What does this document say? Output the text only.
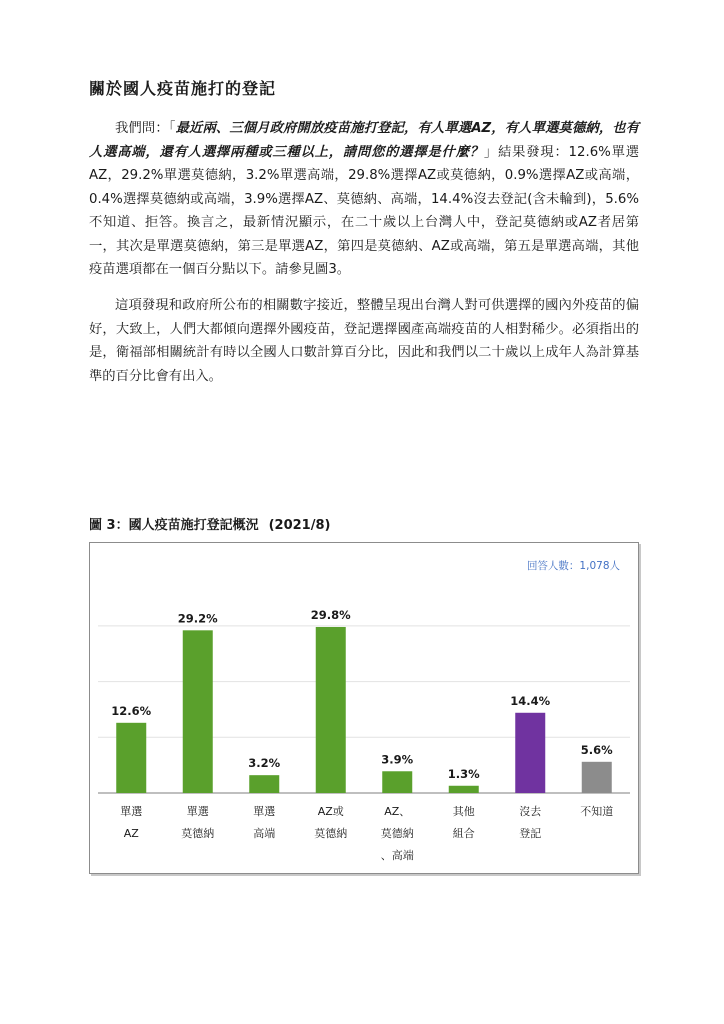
關於國人疫苗施打的登記
我們問：「最近兩、三個月政府開放疫苗施打登記，有人單選AZ，有人單選莫德納，也有人選高端，還有人選擇兩種或三種以上，請問您的選擇是什麼？」結果發現：12.6%單選AZ，29.2%單選莫德納，3.2%單選高端，29.8%選擇AZ或莫德納，0.9%選擇AZ或高端，0.4%選擇莫德納或高端，3.9%選擇AZ、莫德納、高端，14.4%沒去登記(含未輪到)，5.6%不知道、拒答。換言之，最新情況顯示，在二十歲以上台灣人中，登記莫德納或AZ者居第一，其次是單選莫德納，第三是單選AZ，第四是莫德納、AZ或高端，第五是單選高端，其他疫苗選項都在一個百分點以下。請參見圖3。
這項發現和政府所公布的相關數字接近，整體呈現出台灣人對可供選擇的國內外疫苗的偏好，大致上，人們大都傾向選擇外國疫苗，登記選擇國產高端疫苗的人相對稀少。必須指出的是，衛福部相關統計有時以全國人口數計算百分比，因此和我們以二十歲以上成年人為計算基準的百分比會有出入。
圖 3：國人疫苗施打登記概況 (2021/8)
回答人數：1,078人
12.6%
單選
AZ
29.2%
單選
莫德納
3.2%
單選
高端
29.8%
AZ或
莫德納
3.9%
AZ、
莫德納
、高端
1.3%
其他
組合
14.4%
沒去
登記
5.6%
不知道
